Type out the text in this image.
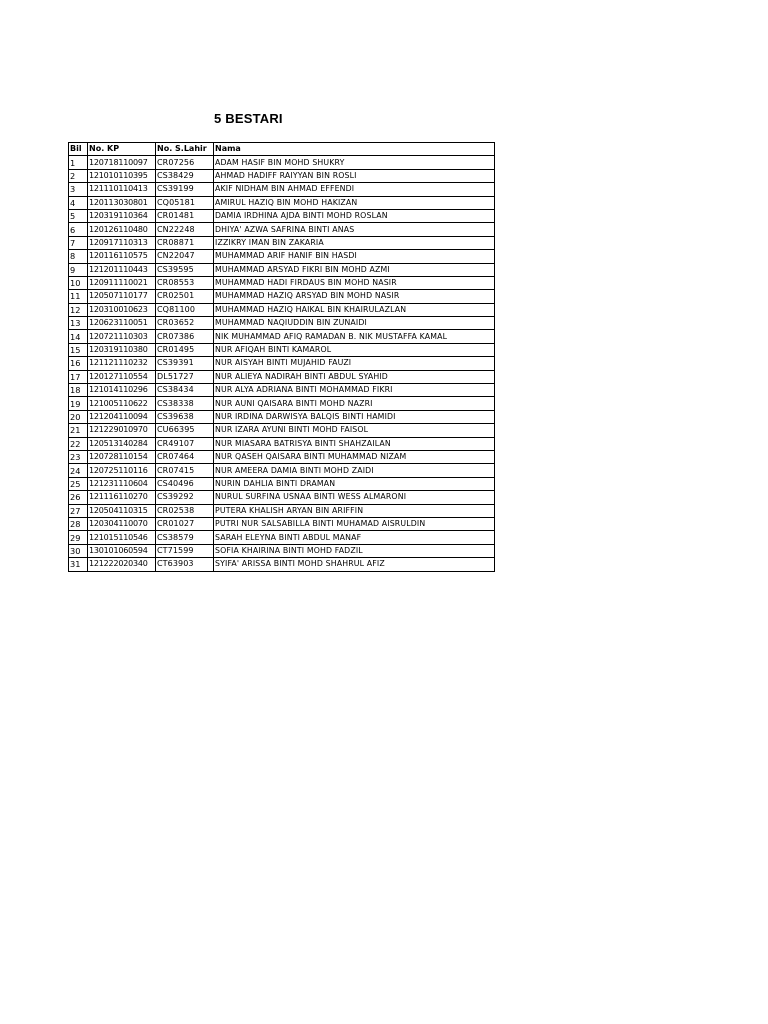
5 BESTARI
Bil	No. KP	No. S.Lahir	Nama
1	120718110097	CR07256	ADAM HASIF BIN MOHD SHUKRY
2	121010110395	CS38429	AHMAD HADIFF RAIYYAN BIN ROSLI
3	121110110413	CS39199	AKIF NIDHAM BIN AHMAD EFFENDI
4	120113030801	CQ05181	AMIRUL HAZIQ BIN MOHD HAKIZAN
5	120319110364	CR01481	DAMIA IRDHINA AJDA BINTI MOHD ROSLAN
6	120126110480	CN22248	DHIYA' AZWA SAFRINA BINTI ANAS
7	120917110313	CR08871	IZZIKRY IMAN BIN ZAKARIA
8	120116110575	CN22047	MUHAMMAD ARIF HANIF BIN HASDI
9	121201110443	CS39595	MUHAMMAD ARSYAD FIKRI BIN MOHD AZMI
10	120911110021	CR08553	MUHAMMAD HADI FIRDAUS BIN MOHD NASIR
11	120507110177	CR02501	MUHAMMAD HAZIQ ARSYAD BIN MOHD NASIR
12	120310010623	CQ81100	MUHAMMAD HAZIQ HAIKAL BIN KHAIRULAZLAN
13	120623110051	CR03652	MUHAMMAD NAQIUDDIN BIN ZUNAIDI
14	120721110303	CR07386	NIK MUHAMMAD AFIQ RAMADAN B. NIK MUSTAFFA KAMAL
15	120319110380	CR01495	NUR AFIQAH BINTI KAMAROL
16	121121110232	CS39391	NUR AISYAH BINTI MUJAHID FAUZI
17	120127110554	DL51727	NUR ALIEYA NADIRAH BINTI ABDUL SYAHID
18	121014110296	CS38434	NUR ALYA ADRIANA BINTI MOHAMMAD FIKRI
19	121005110622	CS38338	NUR AUNI QAISARA BINTI MOHD NAZRI
20	121204110094	CS39638	NUR IRDINA DARWISYA BALQIS BINTI HAMIDI
21	121229010970	CU66395	NUR IZARA AYUNI BINTI MOHD FAISOL
22	120513140284	CR49107	NUR MIASARA BATRISYA BINTI SHAHZAILAN
23	120728110154	CR07464	NUR QASEH QAISARA BINTI MUHAMMAD NIZAM
24	120725110116	CR07415	NUR AMEERA DAMIA BINTI MOHD ZAIDI
25	121231110604	CS40496	NURIN DAHLIA BINTI DRAMAN
26	121116110270	CS39292	NURUL SURFINA USNAA BINTI WESS ALMARONI
27	120504110315	CR02538	PUTERA KHALISH ARYAN BIN ARIFFIN
28	120304110070	CR01027	PUTRI NUR SALSABILLA BINTI MUHAMAD AISRULDIN
29	121015110546	CS38579	SARAH ELEYNA BINTI ABDUL MANAF
30	130101060594	CT71599	SOFIA KHAIRINA BINTI MOHD FADZIL
31	121222020340	CT63903	SYIFA' ARISSA BINTI MOHD SHAHRUL AFIZ
